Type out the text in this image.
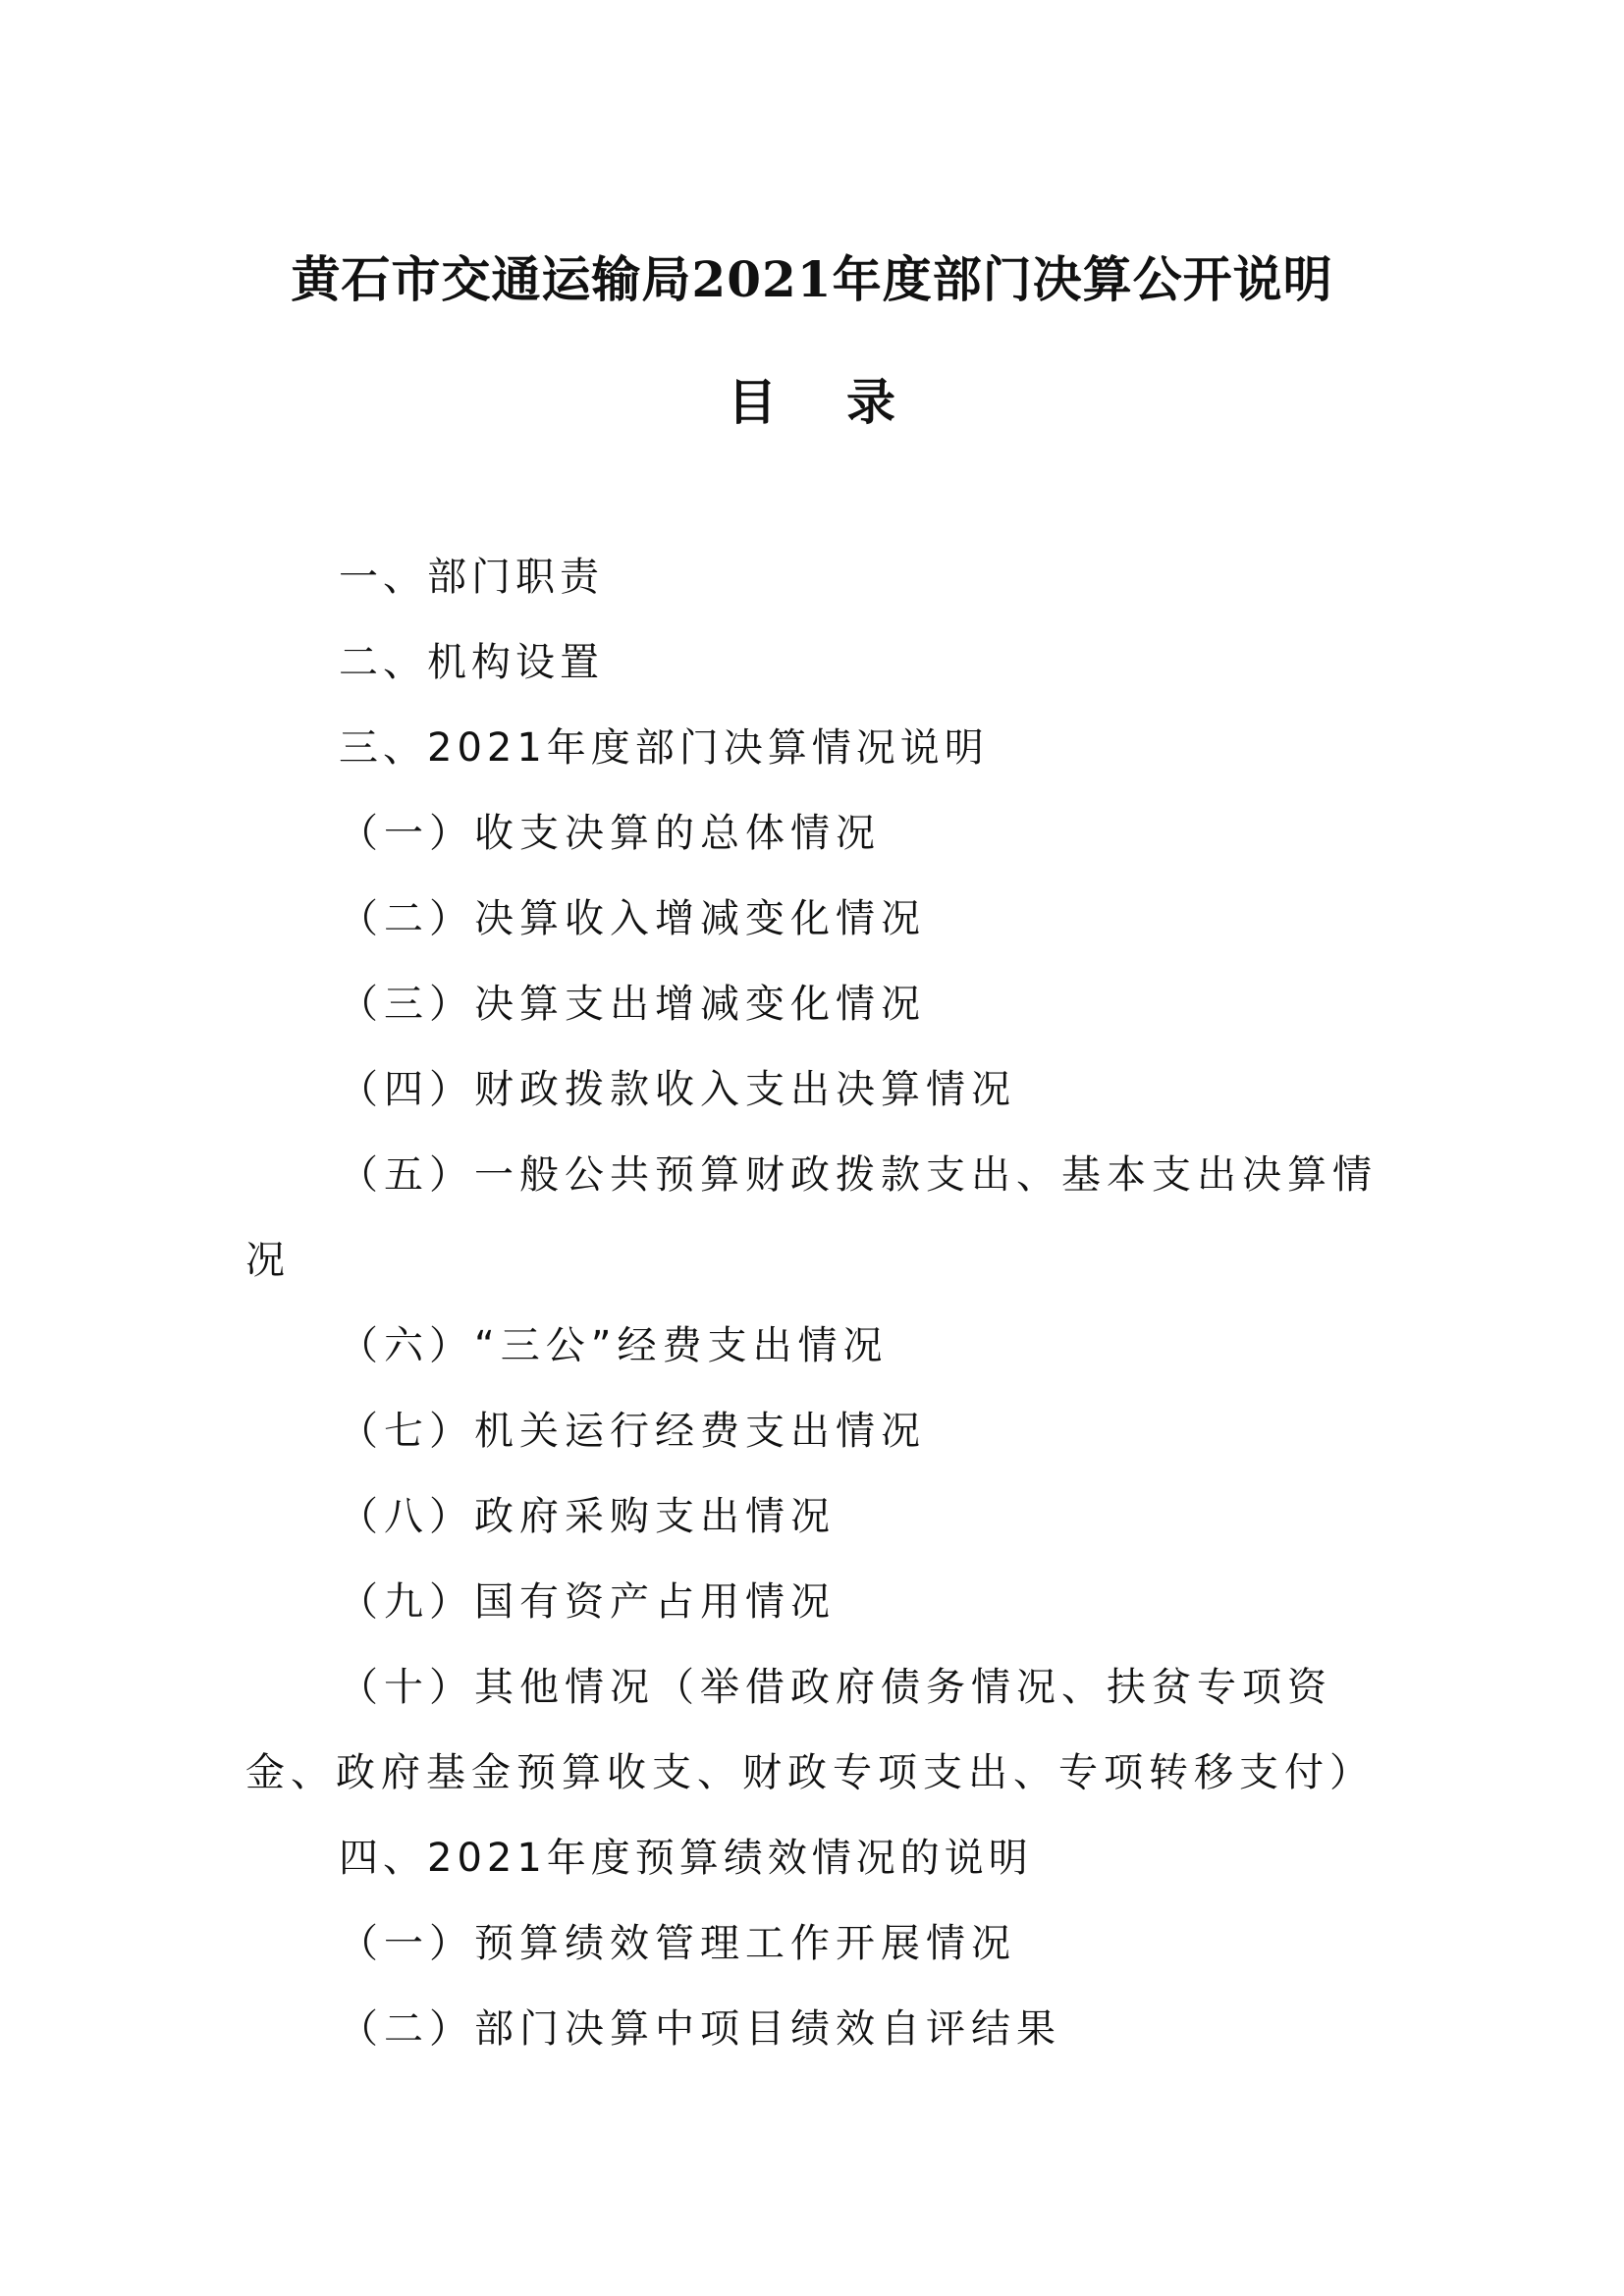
黄石市交通运输局2021年度部门决算公开说明
目 录
一、部门职责
二、机构设置
三、2021年度部门决算情况说明
（一）收支决算的总体情况
（二）决算收入增减变化情况
（三）决算支出增减变化情况
（四）财政拨款收入支出决算情况
（五）一般公共预算财政拨款支出、基本支出决算情况
（六）“三公”经费支出情况
（七）机关运行经费支出情况
（八）政府采购支出情况
（九）国有资产占用情况
（十）其他情况（举借政府债务情况、扶贫专项资金、政府基金预算收支、财政专项支出、专项转移支付）
四、2021年度预算绩效情况的说明
（一）预算绩效管理工作开展情况
（二）部门决算中项目绩效自评结果
